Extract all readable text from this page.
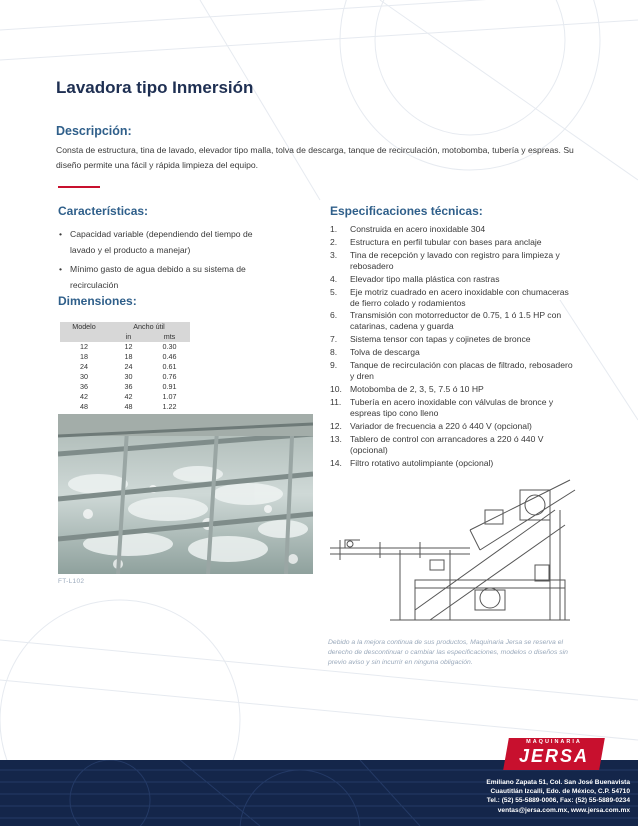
Lavadora tipo Inmersión
Descripción:
Consta de estructura, tina de lavado, elevador tipo malla, tolva de descarga, tanque de recirculación, motobomba, tubería y espreas. Su diseño permite una fácil y rápida limpieza del equipo.
Características:
• Capacidad variable (dependiendo del tiempo de lavado y el producto a manejar)
• Mínimo gasto de agua debido a su sistema de recirculación
Dimensiones:
Modelo	Ancho útil	
	in	mts
12	12	0.30
18	18	0.46
24	24	0.61
30	30	0.76
36	36	0.91
42	42	1.07
48	48	1.22
FT-L102
Especificaciones técnicas:
1. Construida en acero inoxidable 304
2. Estructura en perfil tubular con bases para anclaje
3. Tina de recepción y lavado con registro para limpieza y rebosadero
4. Elevador tipo malla plástica con rastras
5. Eje motriz cuadrado en acero inoxidable con chumaceras de fierro colado y rodamientos
6. Transmisión con motorreductor de 0.75, 1 ó 1.5 HP con catarinas, cadena y guarda
7. Sistema tensor con tapas y cojinetes de bronce
8. Tolva de descarga
9. Tanque de recirculación con placas de filtrado, rebosadero y dren
10. Motobomba de 2, 3, 5, 7.5 ó 10 HP
11. Tubería en acero inoxidable con válvulas de bronce y espreas tipo cono lleno
12. Variador de frecuencia a 220 ó 440 V (opcional)
13. Tablero de control con arrancadores a 220 ó 440 V (opcional)
14. Filtro rotativo autolimpiante (opcional)
Debido a la mejora continua de sus productos, Maquinaria Jersa se reserva el derecho de descontinuar o cambiar las especificaciones, modelos o diseños sin previo aviso y sin incurrir en ninguna obligación.
MAQUINARIA
JERSA
Emiliano Zapata 51, Col. San José Buenavista
Cuautitlán Izcalli, Edo. de México, C.P. 54710
Tel.: (52) 55-5889-0006, Fax: (52) 55-5889-0234
ventas@jersa.com.mx, www.jersa.com.mx
